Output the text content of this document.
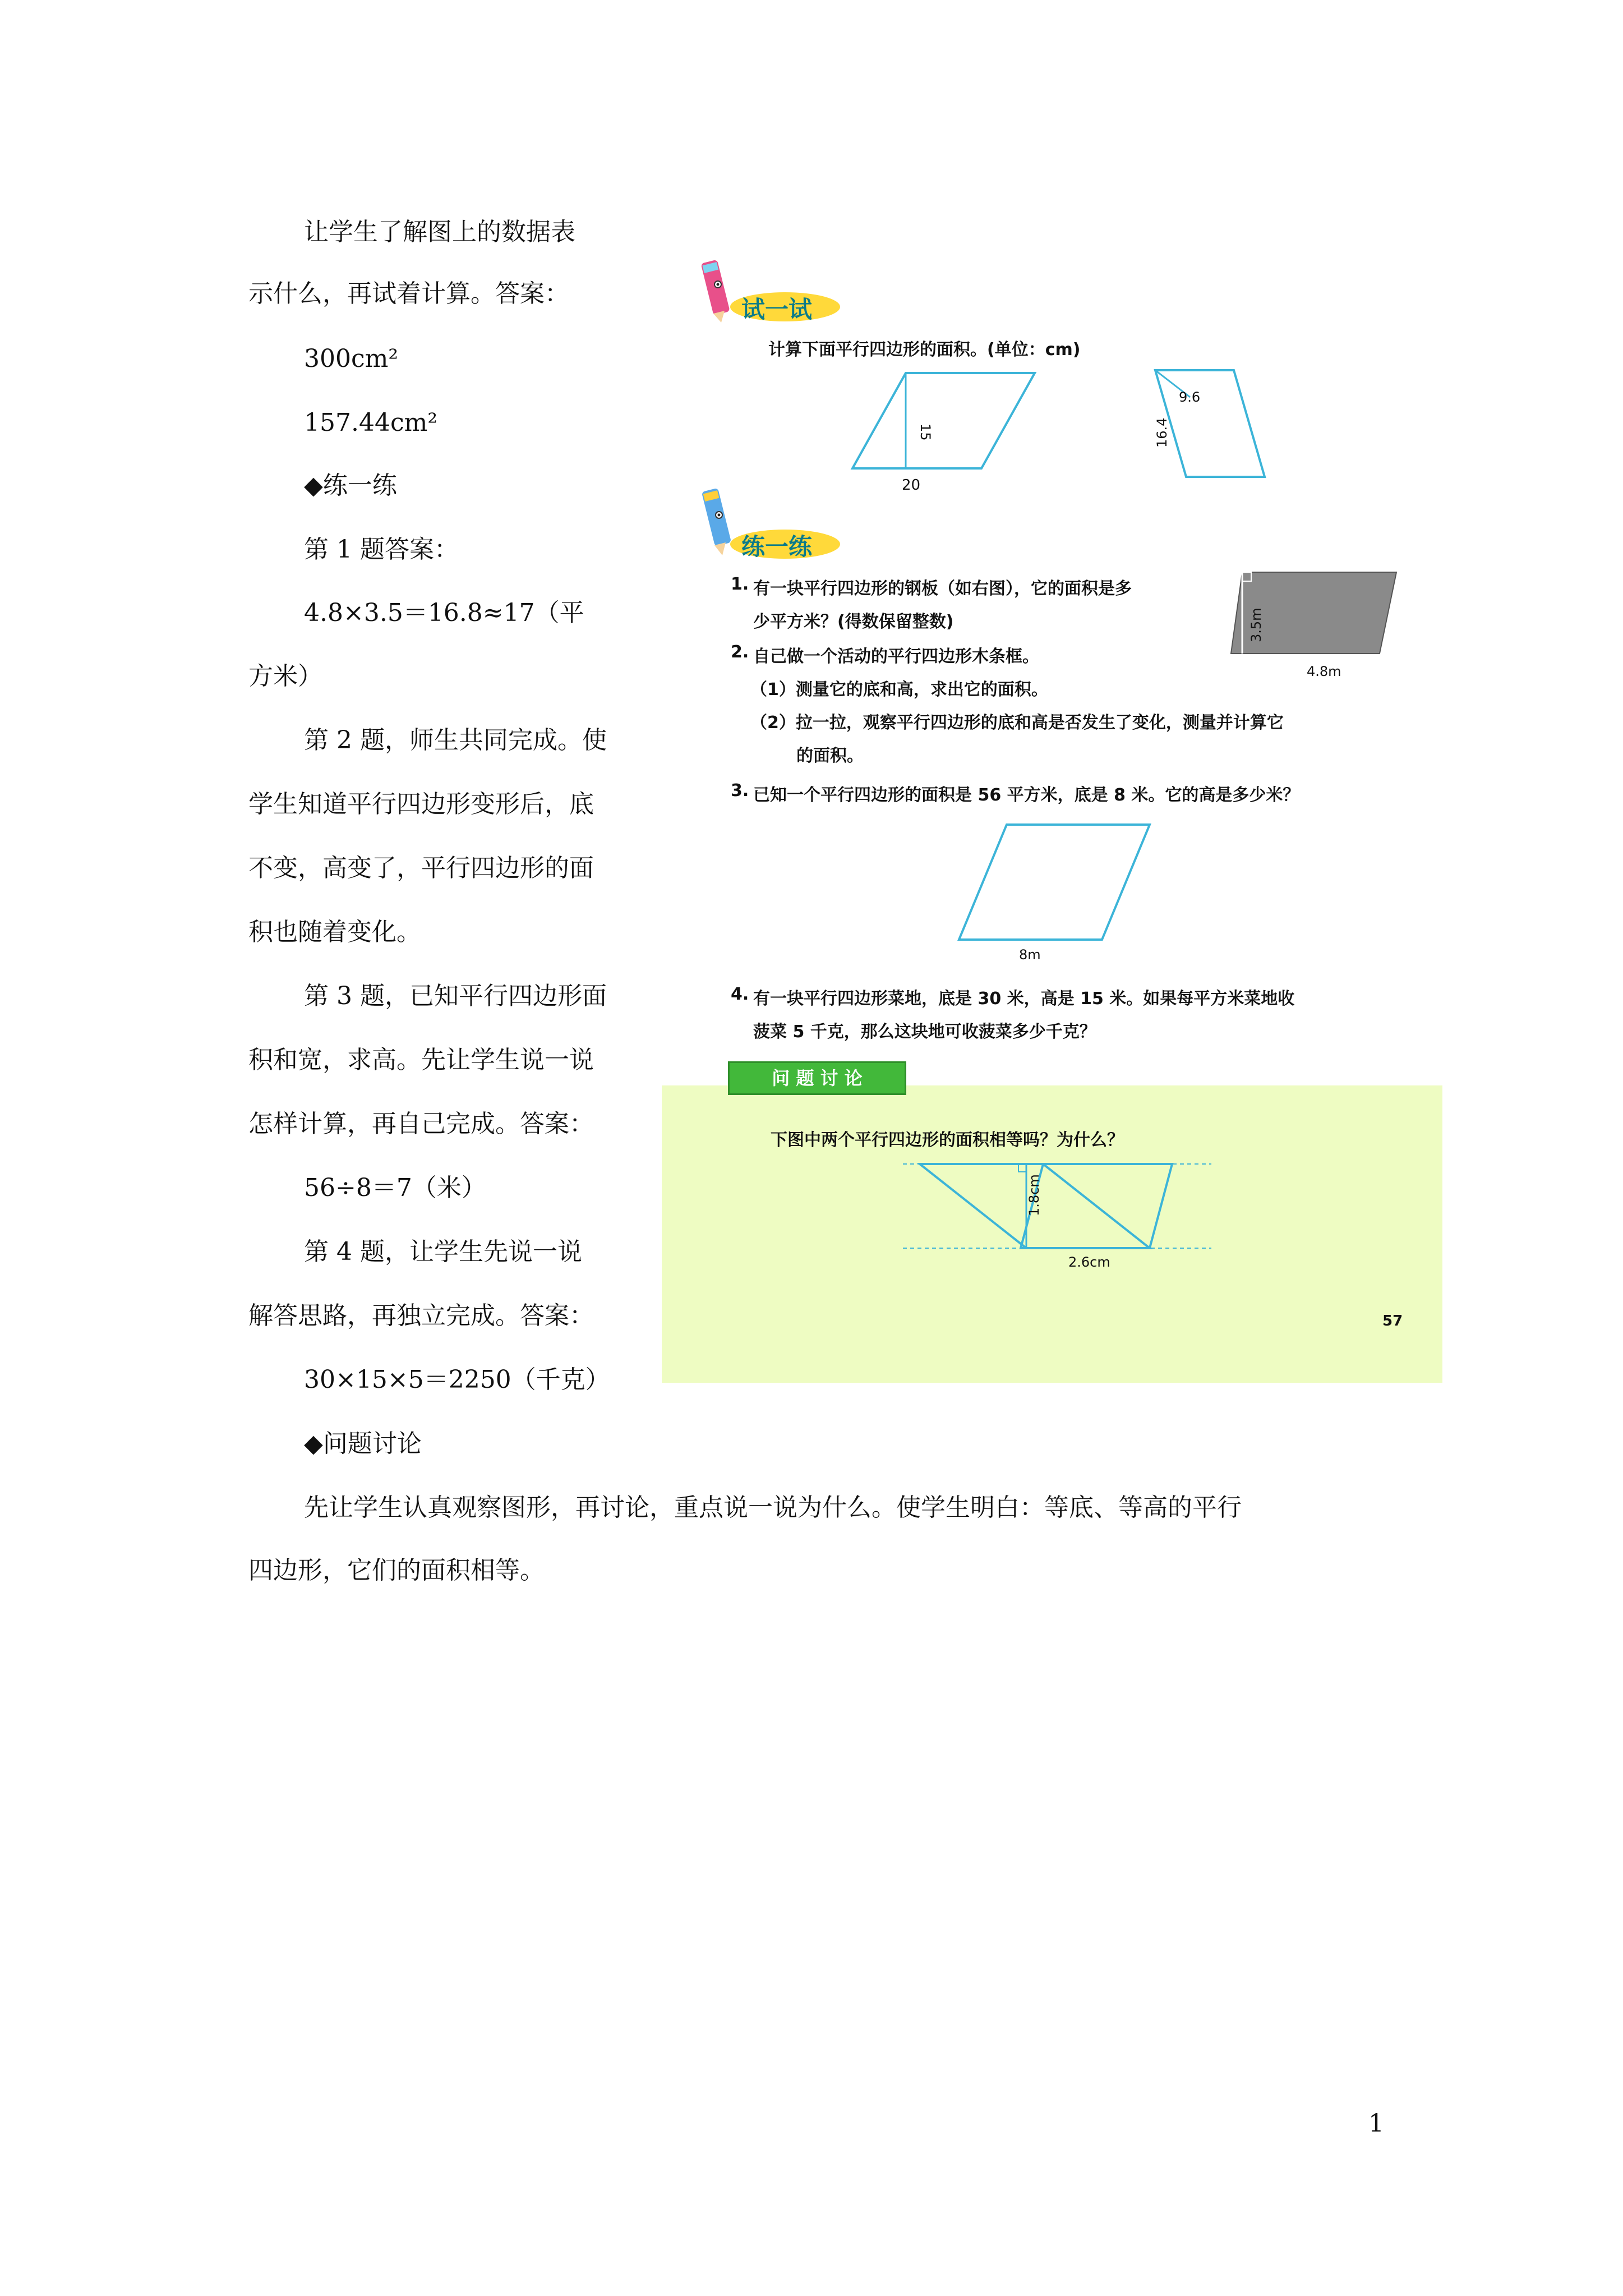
让学生了解图上的数据表
示什么，再试着计算。答案：
300cm²
157.44cm²
◆练一练
第 1 题答案：
4.8×3.5＝16.8≈17（平
方米）
第 2 题，师生共同完成。使
学生知道平行四边形变形后，底
不变，高变了，平行四边形的面
积也随着变化。
第 3 题，已知平行四边形面
积和宽，求高。先让学生说一说
怎样计算，再自己完成。答案：
56÷8＝7（米）
第 4 题，让学生先说一说
解答思路，再独立完成。答案：
30×15×5＝2250（千克）
◆问题讨论
先让学生认真观察图形，再讨论，重点说一说为什么。使学生明白：等底、等高的平行
四边形，它们的面积相等。
试一试
计算下面平行四边形的面积。(单位：cm)
15
20
9.6
16.4
练一练
1. 有一块平行四边形的钢板（如右图），它的面积是多
少平方米？(得数保留整数)	3.5m
4.8m
2. 自己做一个活动的平行四边形木条框。
（1）测量它的底和高，求出它的面积。
（2）拉一拉，观察平行四边形的底和高是否发生了变化，测量并计算它
的面积。
3. 已知一个平行四边形的面积是 56 平方米，底是 8 米。它的高是多少米？
8m
4. 有一块平行四边形菜地，底是 30 米，高是 15 米。如果每平方米菜地收
菠菜 5 千克，那么这块地可收菠菜多少千克？
问 题 讨 论
下图中两个平行四边形的面积相等吗？为什么？
1.8cm
2.6cm
57
1
